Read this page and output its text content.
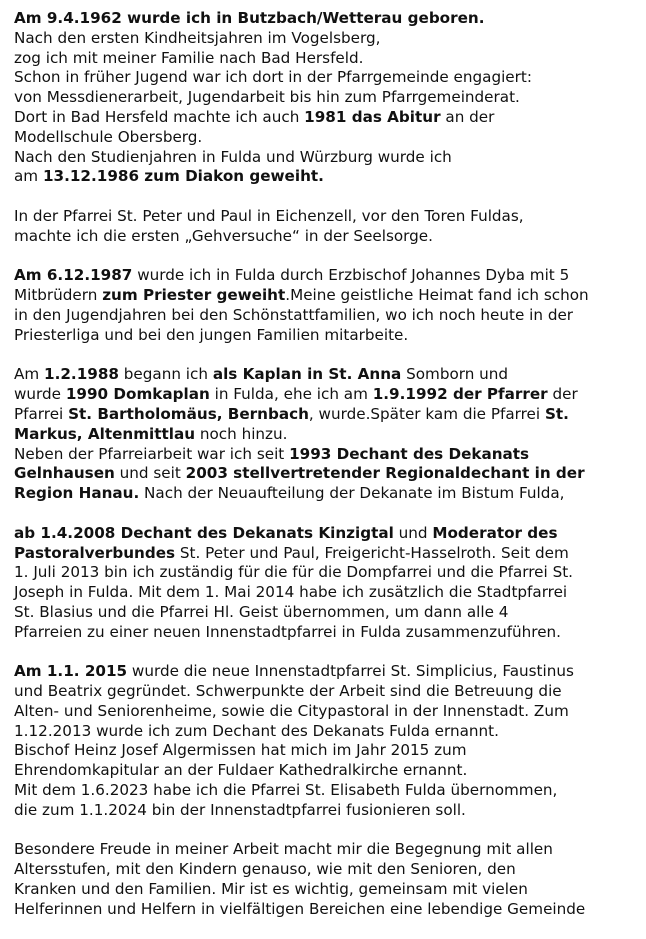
Am 9.4.1962 wurde ich in Butzbach/Wetterau geboren.
Nach den ersten Kindheitsjahren im Vogelsberg,
zog ich mit meiner Familie nach Bad Hersfeld.
Schon in früher Jugend war ich dort in der Pfarrgemeinde engagiert:
von Messdienerarbeit, Jugendarbeit bis hin zum Pfarrgemeinderat.
Dort in Bad Hersfeld machte ich auch 1981 das Abitur an der
Modellschule Obersberg.
Nach den Studienjahren in Fulda und Würzburg wurde ich
am 13.12.1986 zum Diakon geweiht.
In der Pfarrei St. Peter und Paul in Eichenzell, vor den Toren Fuldas,
machte ich die ersten „Gehversuche“ in der Seelsorge.
Am 6.12.1987 wurde ich in Fulda durch Erzbischof Johannes Dyba mit 5
Mitbrüdern zum Priester geweiht.Meine geistliche Heimat fand ich schon
in den Jugendjahren bei den Schönstattfamilien, wo ich noch heute in der
Priesterliga und bei den jungen Familien mitarbeite.
Am 1.2.1988 begann ich als Kaplan in St. Anna Somborn und
wurde 1990 Domkaplan in Fulda, ehe ich am 1.9.1992 der Pfarrer der
Pfarrei St. Bartholomäus, Bernbach, wurde.Später kam die Pfarrei St.
Markus, Altenmittlau noch hinzu.
Neben der Pfarreiarbeit war ich seit 1993 Dechant des Dekanats
Gelnhausen und seit 2003 stellvertretender Regionaldechant in der
Region Hanau. Nach der Neuaufteilung der Dekanate im Bistum Fulda,
ab 1.4.2008 Dechant des Dekanats Kinzigtal und Moderator des
Pastoralverbundes St. Peter und Paul, Freigericht-Hasselroth. Seit dem
1. Juli 2013 bin ich zuständig für die für die Dompfarrei und die Pfarrei St.
Joseph in Fulda. Mit dem 1. Mai 2014 habe ich zusätzlich die Stadtpfarrei
St. Blasius und die Pfarrei Hl. Geist übernommen, um dann alle 4
Pfarreien zu einer neuen Innenstadtpfarrei in Fulda zusammenzuführen.
Am 1.1. 2015 wurde die neue Innenstadtpfarrei St. Simplicius, Faustinus
und Beatrix gegründet. Schwerpunkte der Arbeit sind die Betreuung die
Alten- und Seniorenheime, sowie die Citypastoral in der Innenstadt. Zum
1.12.2013 wurde ich zum Dechant des Dekanats Fulda ernannt.
Bischof Heinz Josef Algermissen hat mich im Jahr 2015 zum
Ehrendomkapitular an der Fuldaer Kathedralkirche ernannt.
Mit dem 1.6.2023 habe ich die Pfarrei St. Elisabeth Fulda übernommen,
die zum 1.1.2024 bin der Innenstadtpfarrei fusionieren soll.
Besondere Freude in meiner Arbeit macht mir die Begegnung mit allen
Altersstufen, mit den Kindern genauso, wie mit den Senioren, den
Kranken und den Familien. Mir ist es wichtig, gemeinsam mit vielen
Helferinnen und Helfern in vielfältigen Bereichen eine lebendige Gemeinde
